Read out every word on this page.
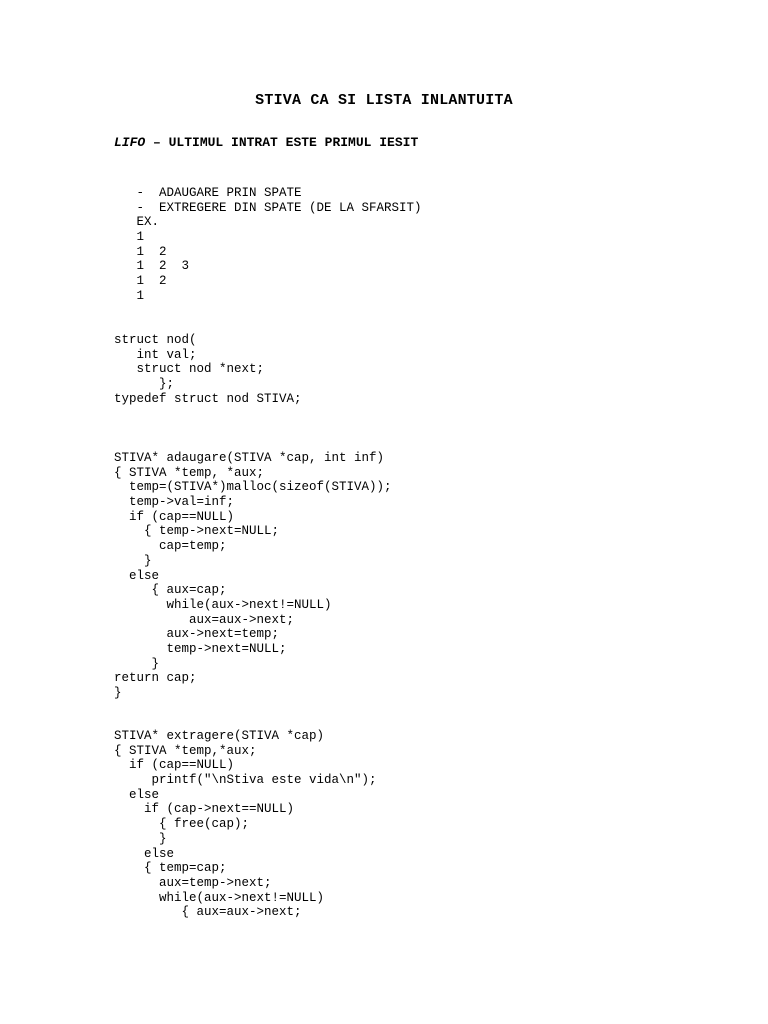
STIVA CA SI LISTA INLANTUITA
LIFO – ULTIMUL INTRAT ESTE PRIMUL IESIT
-  ADAUGARE PRIN SPATE
-  EXTREGERE DIN SPATE (DE LA SFARSIT)
EX.
1
1  2
1  2  3
1  2
1
struct nod(
int val;
struct nod *next;
};
typedef struct nod STIVA;
STIVA* adaugare(STIVA *cap, int inf)
{ STIVA *temp, *aux;
temp=(STIVA*)malloc(sizeof(STIVA));
temp->val=inf;
if (cap==NULL)
{ temp->next=NULL;
cap=temp;
}
else
{ aux=cap;
while(aux->next!=NULL)
aux=aux->next;
aux->next=temp;
temp->next=NULL;
}
return cap;
}
STIVA* extragere(STIVA *cap)
{ STIVA *temp,*aux;
if (cap==NULL)
printf("\nStiva este vida\n");
else
if (cap->next==NULL)
{ free(cap);
}
else
{ temp=cap;
aux=temp->next;
while(aux->next!=NULL)
{ aux=aux->next;
